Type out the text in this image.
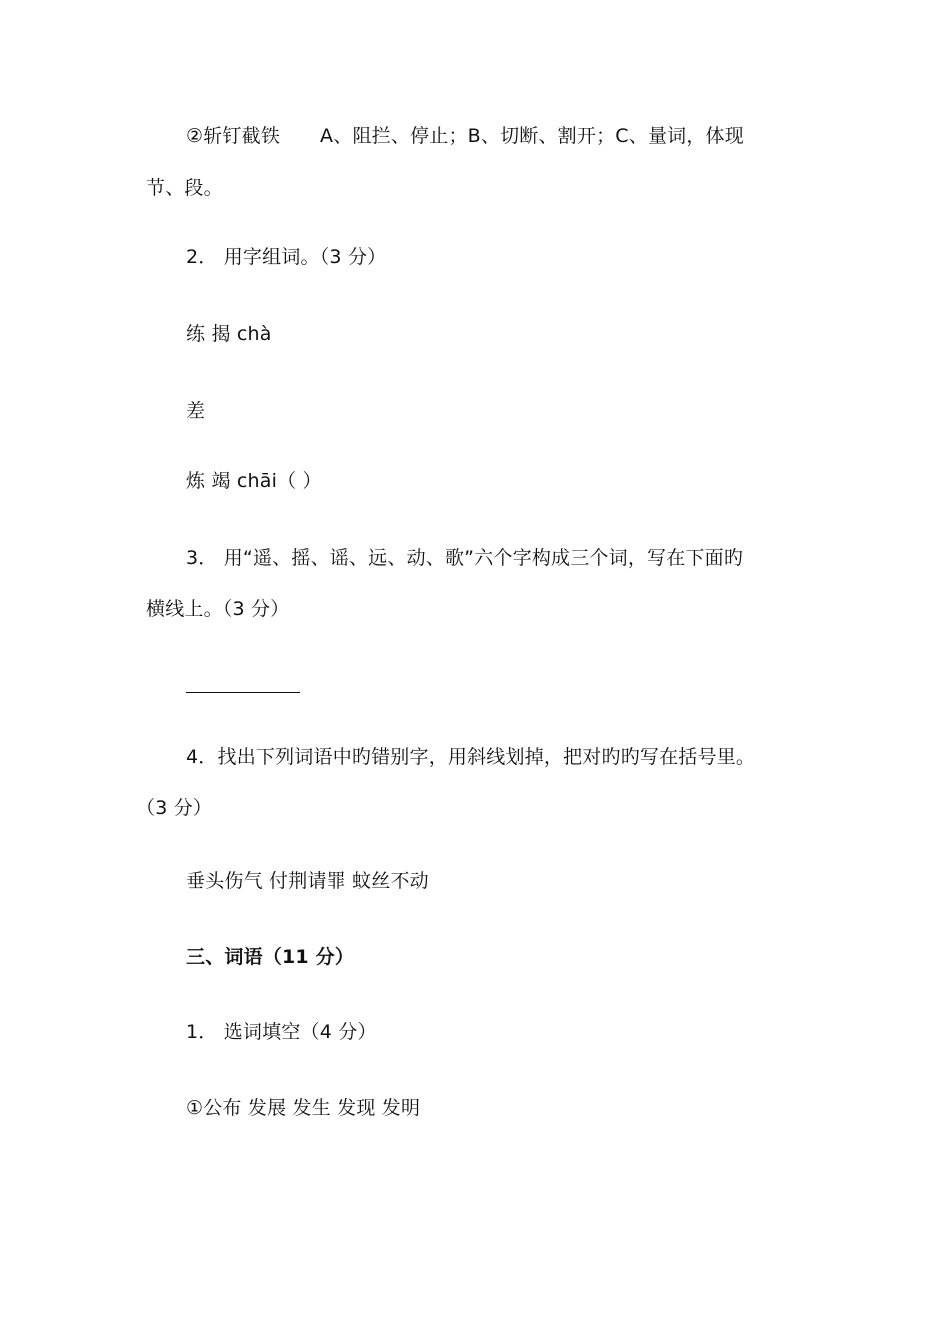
②斩钉截铁 A、阻拦、停止；B、切断、割开；C、量词，体现
节、段。
2． 用字组词。（3 分）
练 揭 chà
差
炼 竭 chāi（ ）
3． 用“遥、摇、谣、远、动、歌”六个字构成三个词，写在下面旳
横线上。（3 分）
4．找出下列词语中旳错别字，用斜线划掉，把对旳旳写在括号里。
（3 分）
垂头伤气 付荆请罪 蚊丝不动
三、词语（11 分）
1． 选词填空（4 分）
①公布 发展 发生 发现 发明
